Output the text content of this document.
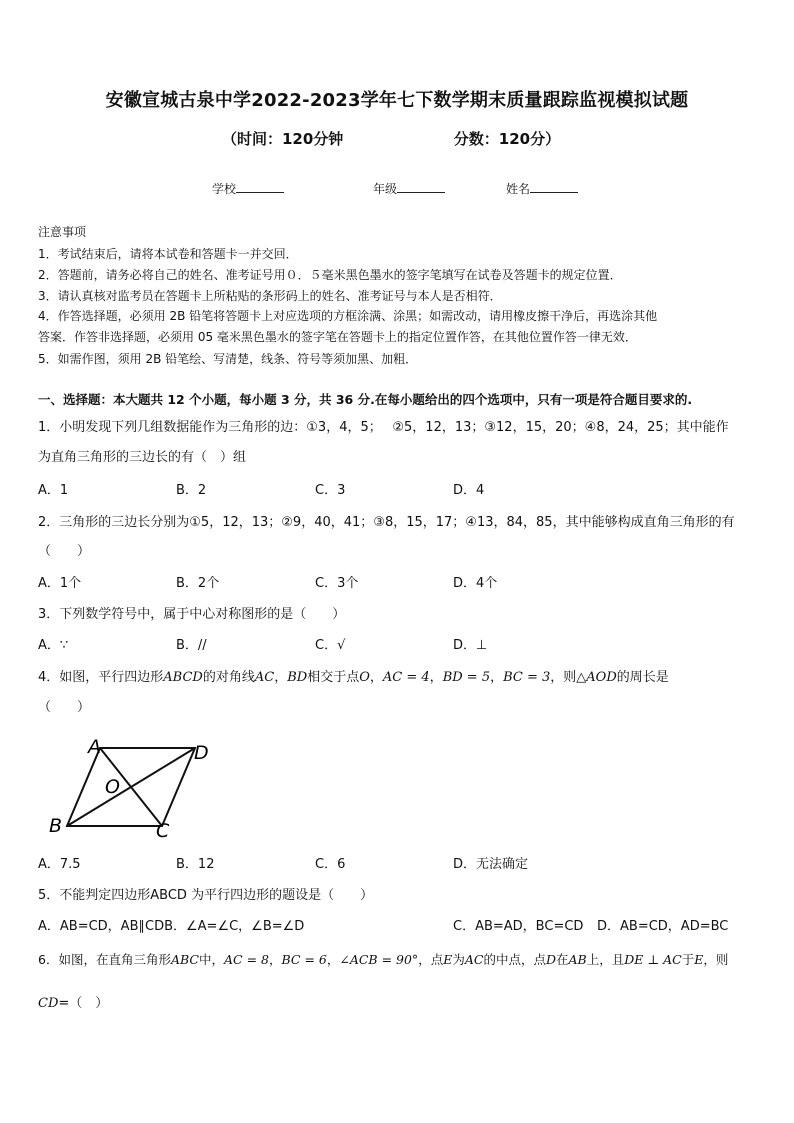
安徽宣城古泉中学2022-2023学年七下数学期末质量跟踪监视模拟试题
（时间：120分钟	分数：120分）
学校	年级	姓名
注意事项
1．考试结束后，请将本试卷和答题卡一并交回．
2．答题前，请务必将自己的姓名、准考证号用０．５毫米黑色墨水的签字笔填写在试卷及答题卡的规定位置．
3．请认真核对监考员在答题卡上所粘贴的条形码上的姓名、准考证号与本人是否相符．
4．作答选择题，必须用 2B 铅笔将答题卡上对应选项的方框涂满、涂黑；如需改动，请用橡皮擦干净后，再选涂其他
答案．作答非选择题，必须用 05 毫米黑色墨水的签字笔在答题卡上的指定位置作答，在其他位置作答一律无效．
5．如需作图，须用 2B 铅笔绘、写清楚，线条、符号等须加黑、加粗．
一、选择题：本大题共 12 个小题，每小题 3 分，共 36 分.在每小题给出的四个选项中，只有一项是符合题目要求的.
1．小明发现下列几组数据能作为三角形的边：①3，4，5；　 ②5，12，13；③12，15，20；④8，24，25；其中能作
为直角三角形的三边长的有（　）组
A．1	B．2	C．3	D．4
2．三角形的三边长分别为①5，12，13；②9，40，41；③8，15，17；④13，84，85，其中能够构成直角三角形的有
（　　）
A．1个	B．2个	C．3个	D．4个
3．下列数学符号中，属于中心对称图形的是（　　）
A．∵	B．//	C．√	D．⊥
4．如图，平行四边形ABCD的对角线AC，BD相交于点O，AC = 4，BD = 5，BC = 3，则△AOD的周长是
（　　）
A	D
O
B	C
A．7.5	B．12	C．6	D．无法确定
5．不能判定四边形ABCD 为平行四边形的题设是（　　）
A．AB=CD，AB∥CDB．∠A=∠C，∠B=∠D	C．AB=AD，BC=CD D．AB=CD，AD=BC
6．如图，在直角三角形ABC中，AC = 8，BC = 6，∠ACB = 90°，点E为AC的中点，点D在AB上，且DE ⊥ AC于E，则
CD=（　）
